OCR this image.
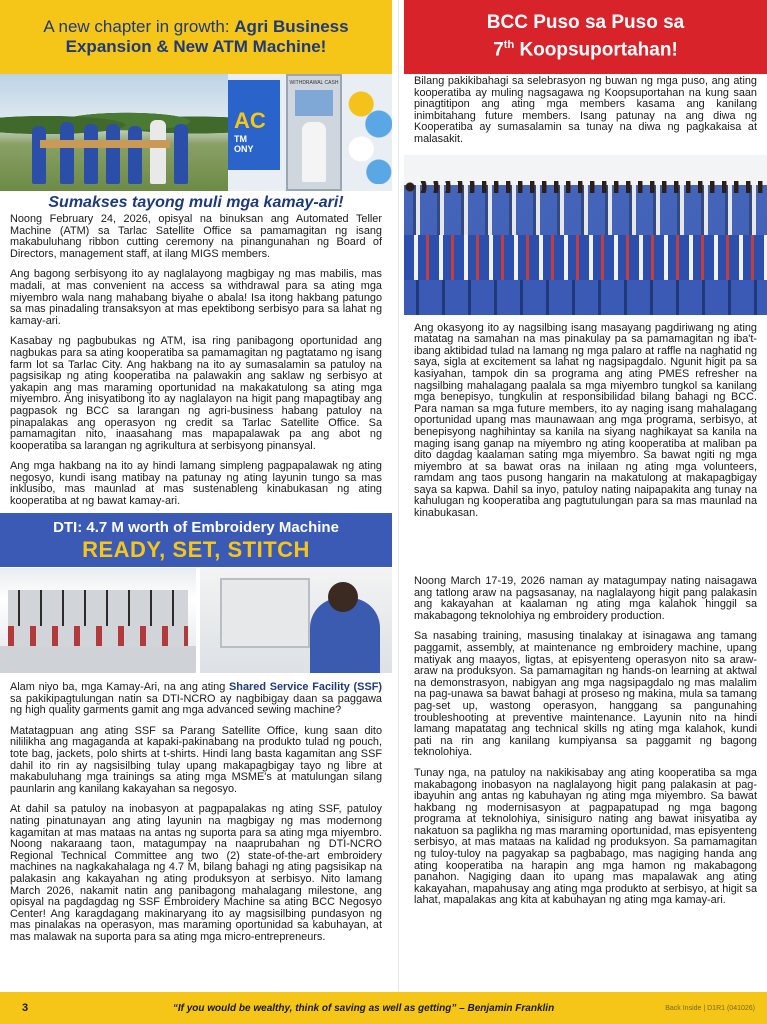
A new chapter in growth: Agri Business
Expansion & New ATM Machine!
AC
TM
ONY
WITHDRAWAL CASH
Sumakses tayong muli mga kamay-ari!

Noong February 24, 2026, opisyal na binuksan ang Automated Teller Machine (ATM) sa Tarlac Satellite Office sa pamamagitan ng isang makabuluhang ribbon cutting ceremony na pinangunahan ng Board of Directors, management staff, at ilang MIGS members.

Ang bagong serbisyong ito ay naglalayong magbigay ng mas mabilis, mas madali, at mas convenient na access sa withdrawal para sa ating mga miyembro wala nang mahabang biyahe o abala! Isa itong hakbang patungo sa mas pinadaling transaksyon at mas epektibong serbisyo para sa lahat ng kamay-ari.

Kasabay ng pagbubukas ng ATM, isa ring panibagong oportunidad ang nagbukas para sa ating kooperatiba sa pamamagitan ng pagtatamo ng isang farm lot sa Tarlac City. Ang hakbang na ito ay sumasalamin sa patuloy na pagsisikap ng ating kooperatiba na palawakin ang saklaw ng serbisyo at yakapin ang mas maraming oportunidad na makakatulong sa ating mga miyembro. Ang inisyatibong ito ay naglalayon na higit pang mapagtibay ang pagpasok ng BCC sa larangan ng agri-business habang patuloy na pinapalakas ang operasyon ng credit sa Tarlac Satellite Office. Sa pamamagitan nito, inaasahang mas mapapalawak pa ang abot ng kooperatiba sa larangan ng agrikultura at serbisyong pinansyal.

Ang mga hakbang na ito ay hindi lamang simpleng pagpapalawak ng ating negosyo, kundi isang matibay na patunay ng ating layunin tungo sa mas inklusibo, mas maunlad at mas sustenableng kinabukasan ng ating kooperatiba at ng bawat kamay-ari.

DTI: 4.7 M worth of Embroidery Machine
READY, SET, STITCH

Alam niyo ba, mga Kamay-Ari, na ang ating Shared Service Facility (SSF) sa pakikipagtulungan natin sa DTI-NCRO ay nagbibigay daan sa paggawa ng high quality garments gamit ang mga advanced sewing machine?

Matatagpuan ang ating SSF sa Parang Satellite Office, kung saan dito nililikha ang magaganda at kapaki-pakinabang na produkto tulad ng pouch, tote bag, jackets, polo shirts at t-shirts. Hindi lang basta kagamitan ang SSF dahil ito rin ay nagsisilbing tulay upang makapagbigay tayo ng libre at makabuluhang mga trainings sa ating mga MSME's at matulungan silang paunlarin ang kanilang kakayahan sa negosyo.

At dahil sa patuloy na inobasyon at pagpapalakas ng ating SSF, patuloy nating pinatunayan ang ating layunin na magbigay ng mas modernong kagamitan at mas mataas na antas ng suporta para sa ating mga miyembro. Noong nakaraang taon, matagumpay na naaprubahan ng DTI-NCRO Regional Technical Committee ang two (2) state-of-the-art embroidery machines na nagkakahalaga ng 4.7 M, bilang bahagi ng ating pagsisikap na palakasin ang kakayahan ng ating produksyon at serbisyo. Nito lamang March 2026, nakamit natin ang panibagong mahalagang milestone, ang opisyal na pagdagdag ng SSF Embroidery Machine sa ating BCC Negosyo Center! Ang karagdagang makinaryang ito ay magsisilbing pundasyon ng mas pinalakas na operasyon, mas maraming oportunidad sa kabuhayan, at mas malawak na suporta para sa ating mga micro-entrepreneurs.

BCC Puso sa Puso sa
7th Koopsuportahan!

Bilang pakikibahagi sa selebrasyon ng buwan ng mga puso, ang ating kooperatiba ay muling nagsagawa ng Koopsuportahan na kung saan pinagtitipon ang ating mga members kasama ang kanilang inimbitahang future members. Isang patunay na ang diwa ng Kooperatiba ay sumasalamin sa tunay na diwa ng pagkakaisa at malasakit.

Ang okasyong ito ay nagsilbing isang masayang pagdiriwang ng ating matatag na samahan na mas pinakulay pa sa pamamagitan ng iba't-ibang aktibidad tulad na lamang ng mga palaro at raffle na naghatid ng saya, sigla at excitement sa lahat ng nagsipagdalo. Ngunit higit pa sa kasiyahan, tampok din sa programa ang ating PMES refresher na nagsilbing mahalagang paalala sa mga miyembro tungkol sa kanilang mga benepisyo, tungkulin at responsibilidad bilang bahagi ng BCC. Para naman sa mga future members, ito ay naging isang mahalagang oportunidad upang mas maunawaan ang mga programa, serbisyo, at benepisyong naghihintay sa kanila na siyang naghikayat sa kanila na maging isang ganap na miyembro ng ating kooperatiba at maliban pa dito dagdag kaalaman sating mga miyembro. Sa bawat ngiti ng mga miyembro at sa bawat oras na inilaan ng ating mga volunteers, ramdam ang taos pusong hangarin na makatulong at makapagbigay saya sa kapwa. Dahil sa inyo, patuloy nating naipapakita ang tunay na kahulugan ng kooperatiba ang pagtutulungan para sa mas maunlad na kinabukasan.

Noong March 17-19, 2026 naman ay matagumpay nating naisagawa ang tatlong araw na pagsasanay, na naglalayong higit pang palakasin ang kakayahan at kaalaman ng ating mga kalahok hinggil sa makabagong teknolohiya ng embroidery production.

Sa nasabing training, masusing tinalakay at isinagawa ang tamang paggamit, assembly, at maintenance ng embroidery machine, upang matiyak ang maayos, ligtas, at episyenteng operasyon nito sa araw-araw na produksyon. Sa pamamagitan ng hands-on learning at aktwal na demonstrasyon, nabigyan ang mga nagsipagdalo ng mas malalim na pag-unawa sa bawat bahagi at proseso ng makina, mula sa tamang pag-set up, wastong operasyon, hanggang sa pangunahing troubleshooting at preventive maintenance. Layunin nito na hindi lamang mapatatag ang technical skills ng ating mga kalahok, kundi pati na rin ang kanilang kumpiyansa sa paggamit ng bagong teknolohiya.

Tunay nga, na patuloy na nakikisabay ang ating kooperatiba sa mga makabagong inobasyon na naglalayong higit pang palakasin at pag-ibayuhin ang antas ng kabuhayan ng ating mga miyembro. Sa bawat hakbang ng modernisasyon at pagpapatupad ng mga bagong programa at teknolohiya, sinisiguro nating ang bawat inisyatiba ay nakatuon sa paglikha ng mas maraming oportunidad, mas episyenteng serbisyo, at mas mataas na kalidad ng produksyon. Sa pamamagitan ng tuloy-tuloy na pagyakap sa pagbabago, mas nagiging handa ang ating kooperatiba na harapin ang mga hamon ng makabagong panahon. Nagiging daan ito upang mas mapalawak ang ating kakayahan, mapahusay ang ating mga produkto at serbisyo, at higit sa lahat, mapalakas ang kita at kabuhayan ng ating mga kamay-ari.

3	“If you would be wealthy, think of saving as well as getting” – Benjamin Franklin	Back Inside | D1R1 (041026)
